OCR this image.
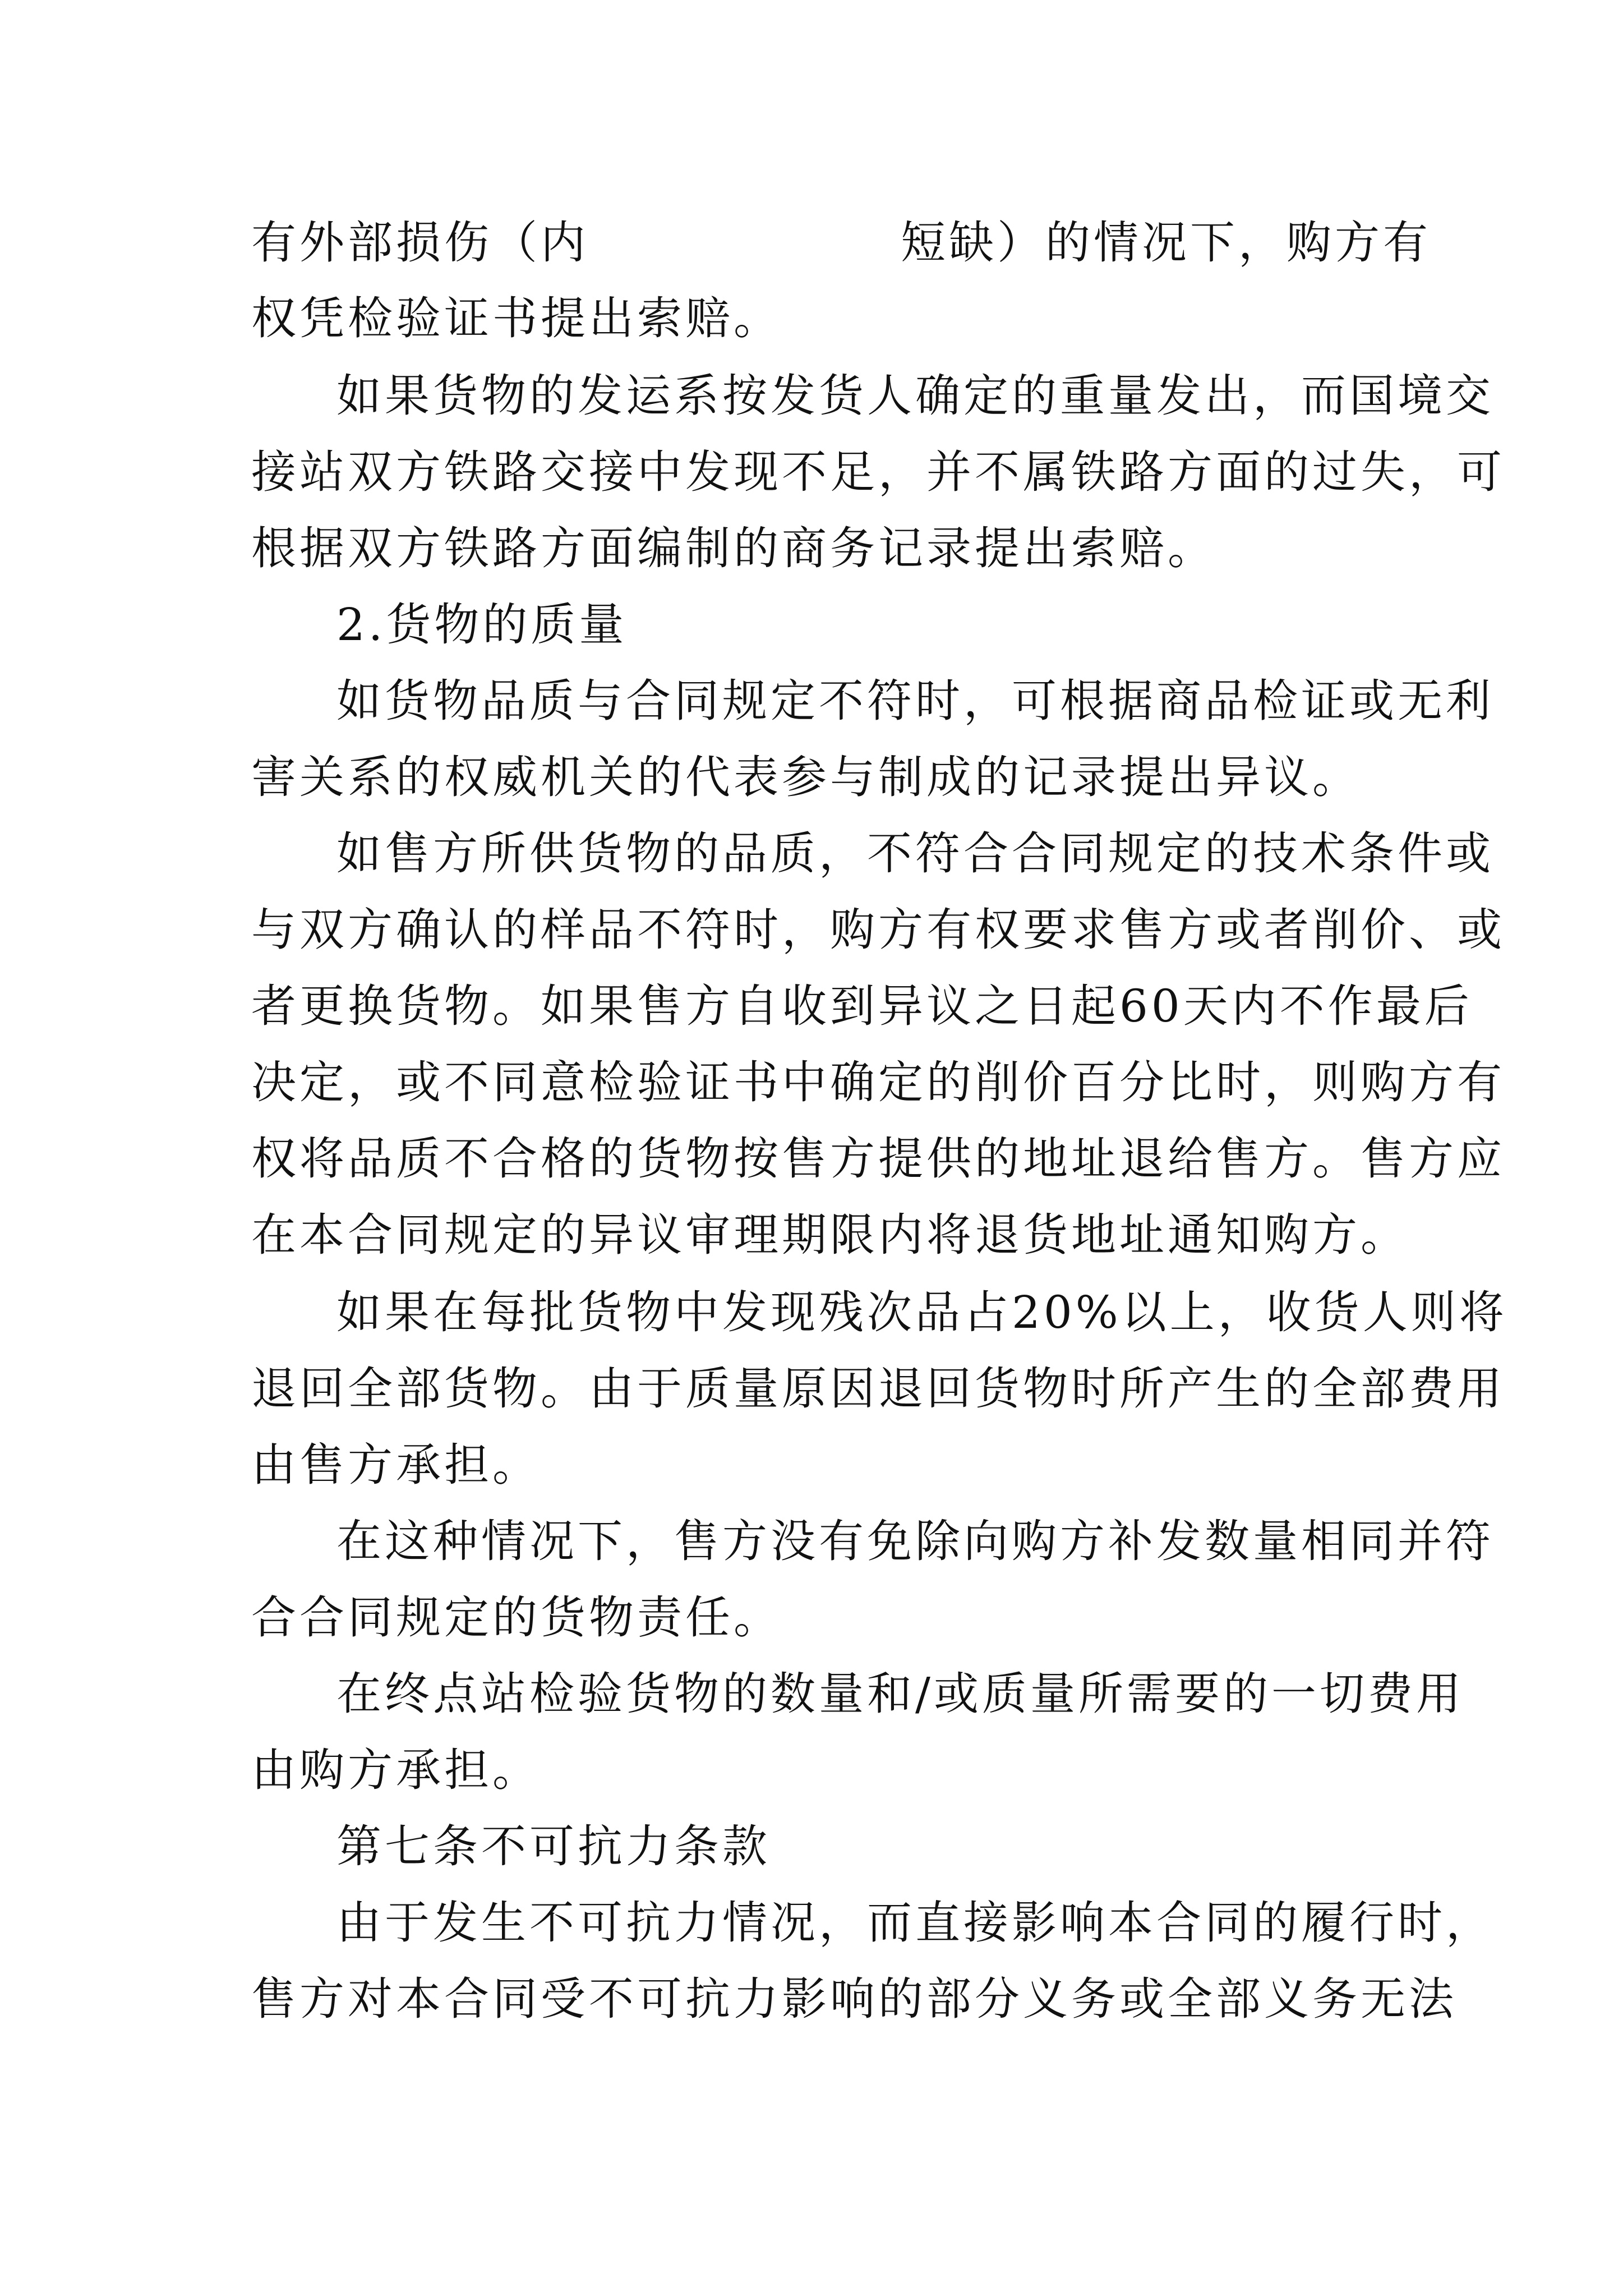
有外部损伤（内	短缺）的情况下，购方有
权凭检验证书提出索赔。
如果货物的发运系按发货人确定的重量发出，而国境交
接站双方铁路交接中发现不足，并不属铁路方面的过失，可
根据双方铁路方面编制的商务记录提出索赔。
2.货物的质量
如货物品质与合同规定不符时，可根据商品检证或无利
害关系的权威机关的代表参与制成的记录提出异议。
如售方所供货物的品质，不符合合同规定的技术条件或
与双方确认的样品不符时，购方有权要求售方或者削价、或
者更换货物。如果售方自收到异议之日起60天内不作最后
决定，或不同意检验证书中确定的削价百分比时，则购方有
权将品质不合格的货物按售方提供的地址退给售方。售方应
在本合同规定的异议审理期限内将退货地址通知购方。
如果在每批货物中发现残次品占20%以上，收货人则将
退回全部货物。由于质量原因退回货物时所产生的全部费用
由售方承担。
在这种情况下，售方没有免除向购方补发数量相同并符
合合同规定的货物责任。
在终点站检验货物的数量和/或质量所需要的一切费用
由购方承担。
第七条不可抗力条款
由于发生不可抗力情况，而直接影响本合同的履行时，
售方对本合同受不可抗力影响的部分义务或全部义务无法
